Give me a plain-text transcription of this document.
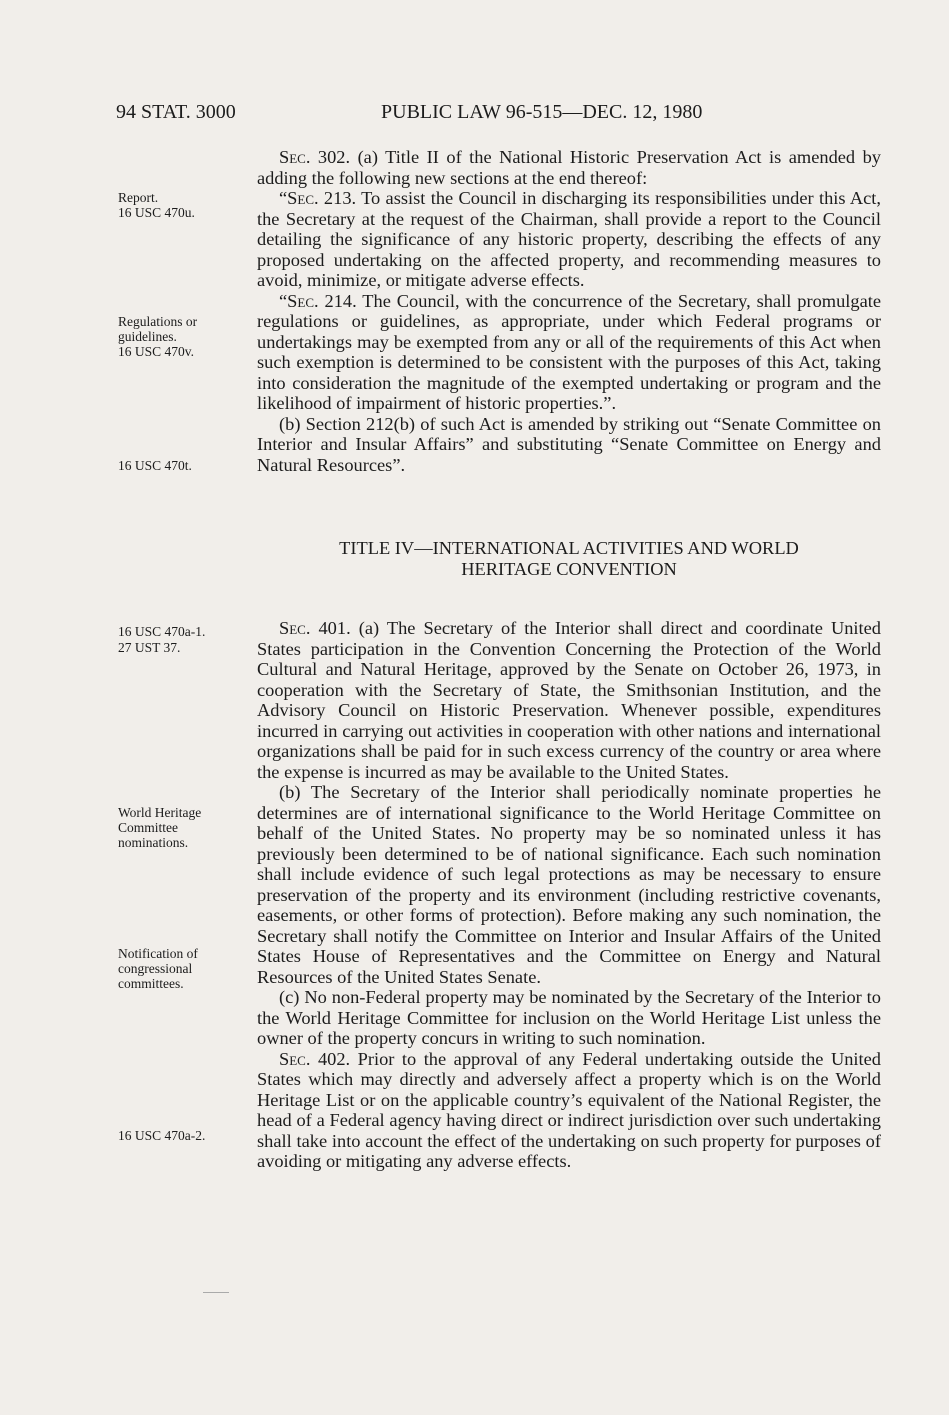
94 STAT. 3000	PUBLIC LAW 96-515—DEC. 12, 1980
Report.
16 USC 470u.
Regulations or
guidelines.
16 USC 470v.
16 USC 470t.
16 USC 470a-1.
27 UST 37.
World Heritage
Committee
nominations.
Notification of
congressional
committees.
16 USC 470a-2.

Sec. 302. (a) Title II of the National Historic Preservation Act is amended by adding the following new sections at the end thereof:

“Sec. 213. To assist the Council in discharging its responsibilities under this Act, the Secretary at the request of the Chairman, shall provide a report to the Council detailing the significance of any historic property, describing the effects of any proposed undertaking on the affected property, and recommending measures to avoid, minimize, or mitigate adverse effects.

“Sec. 214. The Council, with the concurrence of the Secretary, shall promulgate regulations or guidelines, as appropriate, under which Federal programs or undertakings may be exempted from any or all of the requirements of this Act when such exemption is determined to be consistent with the purposes of this Act, taking into consideration the magnitude of the exempted undertaking or program and the likelihood of impairment of historic properties.”.

(b) Section 212(b) of such Act is amended by striking out “Senate Committee on Interior and Insular Affairs” and substituting “Senate Committee on Energy and Natural Resources”.

TITLE IV—INTERNATIONAL ACTIVITIES AND WORLD
HERITAGE CONVENTION

Sec. 401. (a) The Secretary of the Interior shall direct and coordinate United States participation in the Convention Concerning the Protection of the World Cultural and Natural Heritage, approved by the Senate on October 26, 1973, in cooperation with the Secretary of State, the Smithsonian Institution, and the Advisory Council on Historic Preservation. Whenever possible, expenditures incurred in carrying out activities in cooperation with other nations and international organizations shall be paid for in such excess currency of the country or area where the expense is incurred as may be available to the United States.

(b) The Secretary of the Interior shall periodically nominate properties he determines are of international significance to the World Heritage Committee on behalf of the United States. No property may be so nominated unless it has previously been determined to be of national significance. Each such nomination shall include evidence of such legal protections as may be necessary to ensure preservation of the property and its environment (including restrictive covenants, easements, or other forms of protection). Before making any such nomination, the Secretary shall notify the Committee on Interior and Insular Affairs of the United States House of Representatives and the Committee on Energy and Natural Resources of the United States Senate.

(c) No non-Federal property may be nominated by the Secretary of the Interior to the World Heritage Committee for inclusion on the World Heritage List unless the owner of the property concurs in writing to such nomination.

Sec. 402. Prior to the approval of any Federal undertaking outside the United States which may directly and adversely affect a property which is on the World Heritage List or on the applicable country’s equivalent of the National Register, the head of a Federal agency having direct or indirect jurisdiction over such undertaking shall take into account the effect of the undertaking on such property for purposes of avoiding or mitigating any adverse effects.
